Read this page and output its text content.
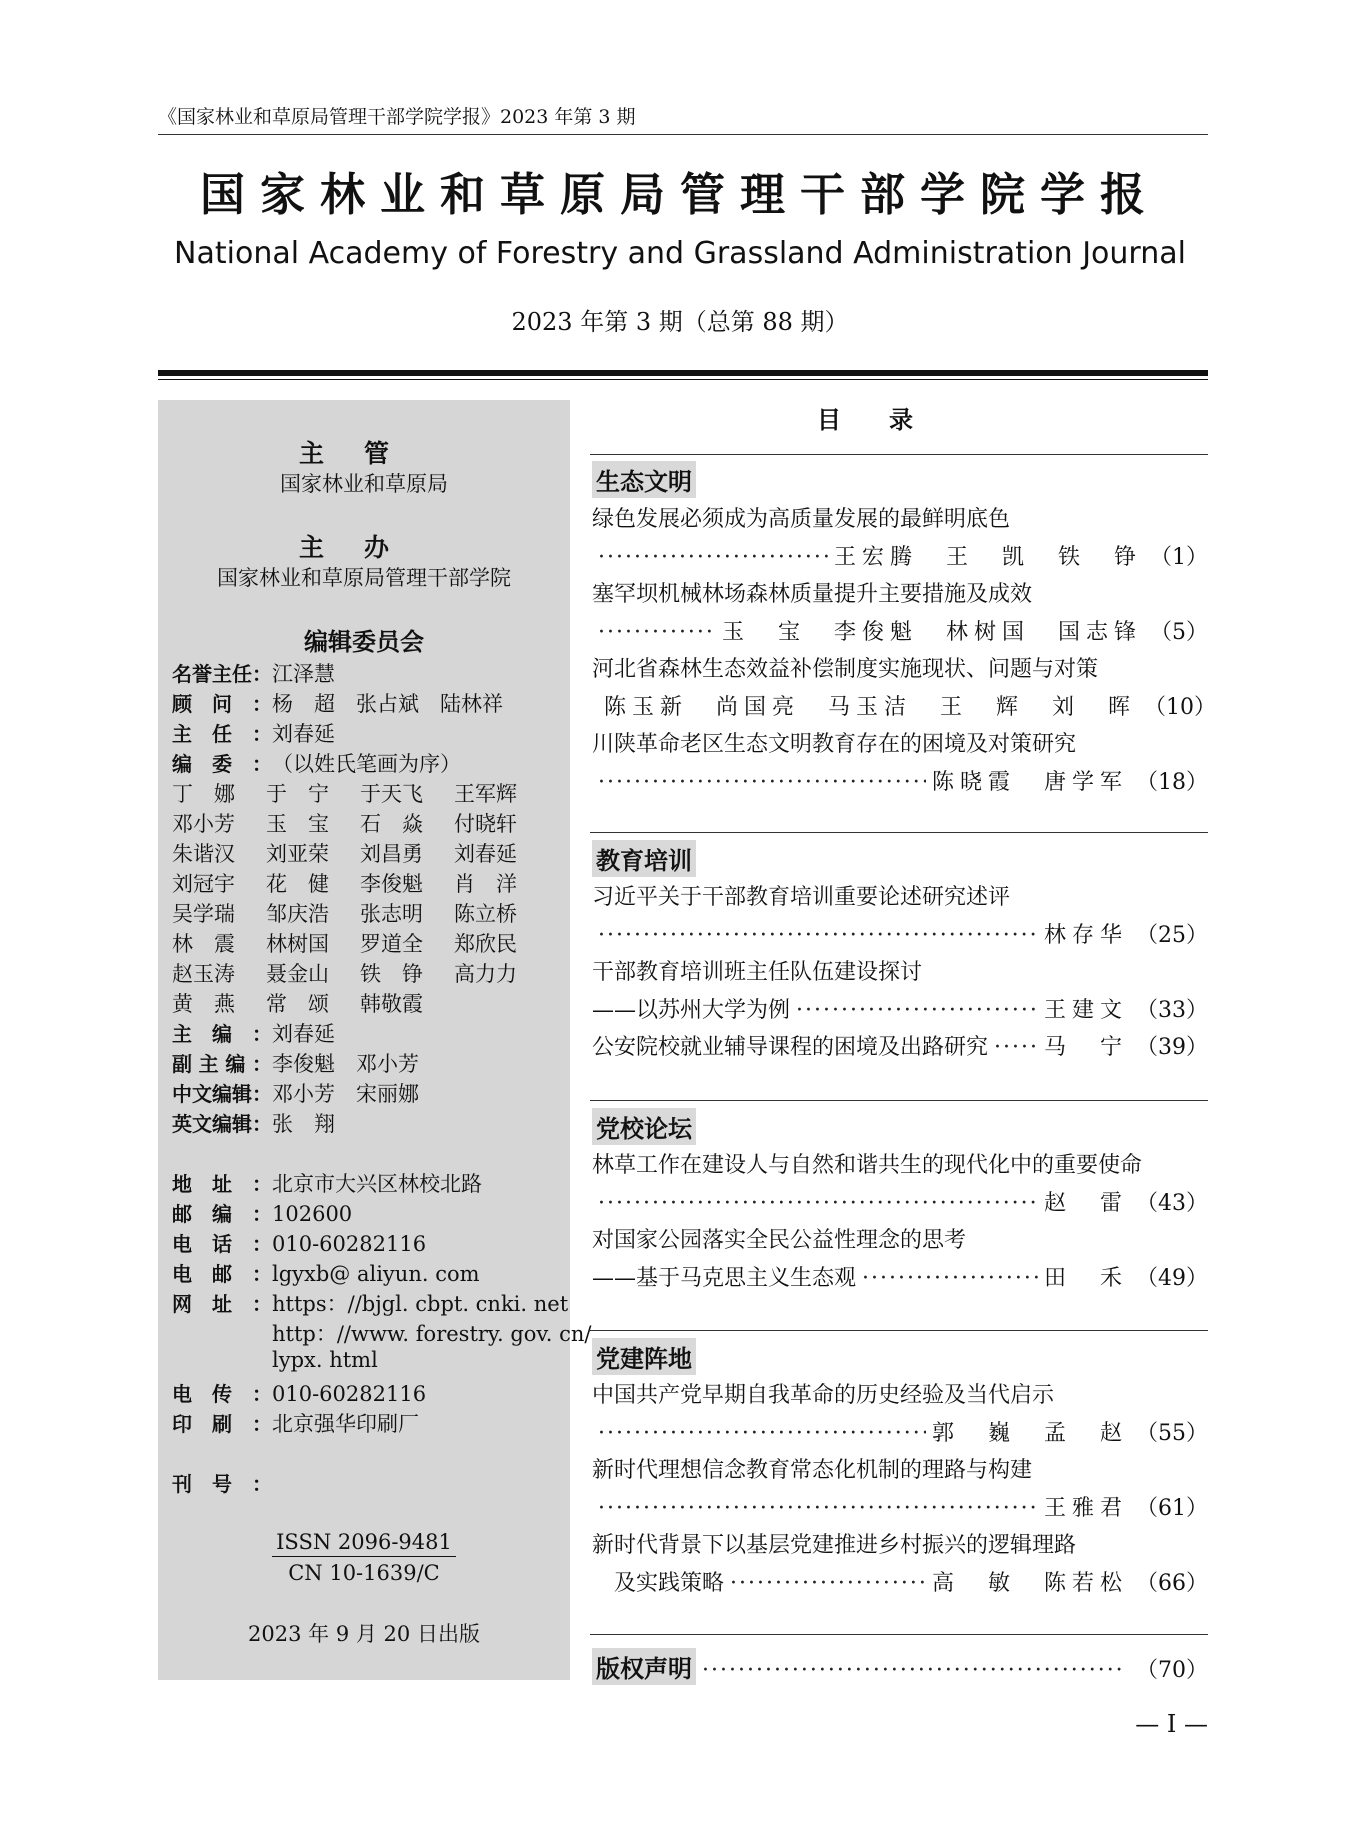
《国家林业和草原局管理干部学院学报》2023 年第 3 期
国家林业和草原局管理干部学院学报
National Academy of Forestry and Grassland Administration Journal
2023 年第 3 期（总第 88 期）
主管
国家林业和草原局
主办
国家林业和草原局管理干部学院
编辑委员会
名誉主任：江泽慧
顾问：杨　超　张占斌　陆林祥
主任：刘春延
编委：（以姓氏笔画为序）
丁　娜 于　宁 于天飞 王军辉
邓小芳 玉　宝 石　焱 付晓轩
朱谐汉 刘亚荣 刘昌勇 刘春延
刘冠宇 花　健 李俊魁 肖　洋
吴学瑞 邹庆浩 张志明 陈立桥
林　震 林树国 罗道全 郑欣民
赵玉涛 聂金山 铁　铮 高力力
黄　燕 常　颂 韩敬霞
主编：刘春延
副主编：李俊魁　邓小芳
中文编辑：邓小芳　宋丽娜
英文编辑：张　翔
地址：北京市大兴区林校北路
邮编：102600
电话：010-60282116
电邮：lgyxb@ aliyun. com
网址：https：//bjgl. cbpt. cnki. net
http：//www. forestry. gov. cn/
lypx. html
电传：010-60282116
印刷：北京强华印刷厂
刊号：
ISSN 2096-9481
CN 10-1639/C
2023 年 9 月 20 日出版
目录
生态文明
绿色发展必须成为高质量发展的最鲜明底色
·····
王宏腾　王　凯　铁　铮 （1）
塞罕坝机械林场森林质量提升主要措施及成效
·····
玉　宝　李俊魁　林树国　国志锋 （5）
河北省森林生态效益补偿制度实施现状、问题与对策
陈玉新　尚国亮　马玉洁　王　辉　刘　晖 （10）
川陕革命老区生态文明教育存在的困境及对策研究
·····
陈晓霞　唐学军 （18）
教育培训
习近平关于干部教育培训重要论述研究述评
·····
林存华 （25）
干部教育培训班主任队伍建设探讨
——以苏州大学为例 ·····	王建文 （33）
公安院校就业辅导课程的困境及出路研究 ·····	马　宁 （39）
党校论坛
林草工作在建设人与自然和谐共生的现代化中的重要使命
·····
赵　雷 （43）
对国家公园落实全民公益性理念的思考
——基于马克思主义生态观 ·····	田　禾 （49）
党建阵地
中国共产党早期自我革命的历史经验及当代启示
·····
郭　巍　孟　赵 （55）
新时代理想信念教育常态化机制的理路与构建
·····
王雅君 （61）
新时代背景下以基层党建推进乡村振兴的逻辑理路
　及实践策略 ·····	高　敏　陈若松 （66）
版权声明 ·····	（70）
— Ⅰ —
